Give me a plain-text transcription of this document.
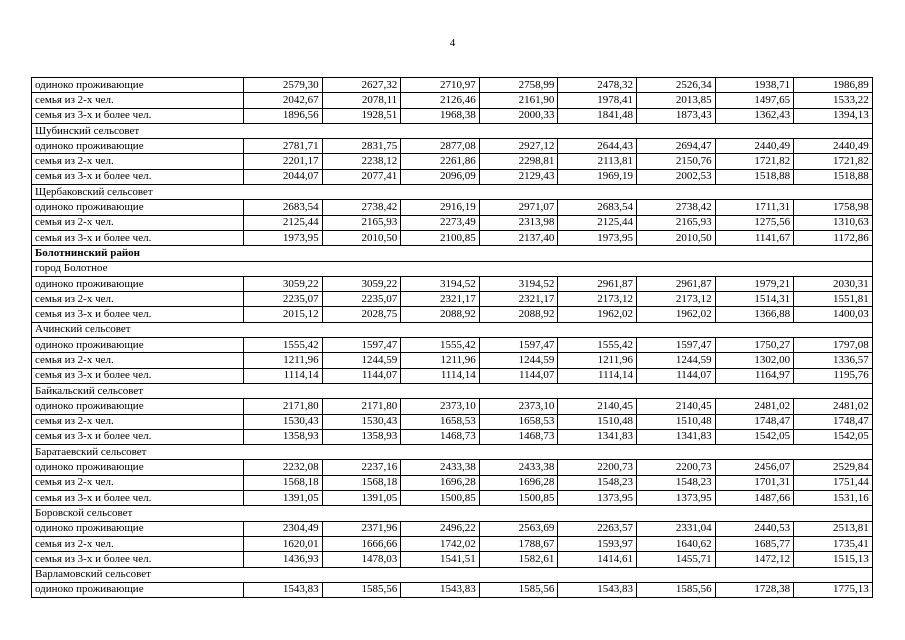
4
одиноко проживающие	2579,30	2627,32	2710,97	2758,99	2478,32	2526,34	1938,71	1986,89
семья из 2-х чел.	2042,67	2078,11	2126,46	2161,90	1978,41	2013,85	1497,65	1533,22
семья из 3-х и более чел.	1896,56	1928,51	1968,38	2000,33	1841,48	1873,43	1362,43	1394,13
Шубинский сельсовет								
одиноко проживающие	2781,71	2831,75	2877,08	2927,12	2644,43	2694,47	2440,49	2440,49
семья из 2-х чел.	2201,17	2238,12	2261,86	2298,81	2113,81	2150,76	1721,82	1721,82
семья из 3-х и более чел.	2044,07	2077,41	2096,09	2129,43	1969,19	2002,53	1518,88	1518,88
Щербаковский сельсовет								
одиноко проживающие	2683,54	2738,42	2916,19	2971,07	2683,54	2738,42	1711,31	1758,98
семья из 2-х чел.	2125,44	2165,93	2273,49	2313,98	2125,44	2165,93	1275,56	1310,63
семья из 3-х и более чел.	1973,95	2010,50	2100,85	2137,40	1973,95	2010,50	1141,67	1172,86
Болотнинский район								
город Болотное								
одиноко проживающие	3059,22	3059,22	3194,52	3194,52	2961,87	2961,87	1979,21	2030,31
семья из 2-х чел.	2235,07	2235,07	2321,17	2321,17	2173,12	2173,12	1514,31	1551,81
семья из 3-х и более чел.	2015,12	2028,75	2088,92	2088,92	1962,02	1962,02	1366,88	1400,03
Ачинский сельсовет								
одиноко проживающие	1555,42	1597,47	1555,42	1597,47	1555,42	1597,47	1750,27	1797,08
семья из 2-х чел.	1211,96	1244,59	1211,96	1244,59	1211,96	1244,59	1302,00	1336,57
семья из 3-х и более чел.	1114,14	1144,07	1114,14	1144,07	1114,14	1144,07	1164,97	1195,76
Байкальский сельсовет								
одиноко проживающие	2171,80	2171,80	2373,10	2373,10	2140,45	2140,45	2481,02	2481,02
семья из 2-х чел.	1530,43	1530,43	1658,53	1658,53	1510,48	1510,48	1748,47	1748,47
семья из 3-х и более чел.	1358,93	1358,93	1468,73	1468,73	1341,83	1341,83	1542,05	1542,05
Баратаевский сельсовет								
одиноко проживающие	2232,08	2237,16	2433,38	2433,38	2200,73	2200,73	2456,07	2529,84
семья из 2-х чел.	1568,18	1568,18	1696,28	1696,28	1548,23	1548,23	1701,31	1751,44
семья из 3-х и более чел.	1391,05	1391,05	1500,85	1500,85	1373,95	1373,95	1487,66	1531,16
Боровской сельсовет								
одиноко проживающие	2304,49	2371,96	2496,22	2563,69	2263,57	2331,04	2440,53	2513,81
семья из 2-х чел.	1620,01	1666,66	1742,02	1788,67	1593,97	1640,62	1685,77	1735,41
семья из 3-х и более чел.	1436,93	1478,03	1541,51	1582,61	1414,61	1455,71	1472,12	1515,13
Варламовский сельсовет								
одиноко проживающие	1543,83	1585,56	1543,83	1585,56	1543,83	1585,56	1728,38	1775,13
